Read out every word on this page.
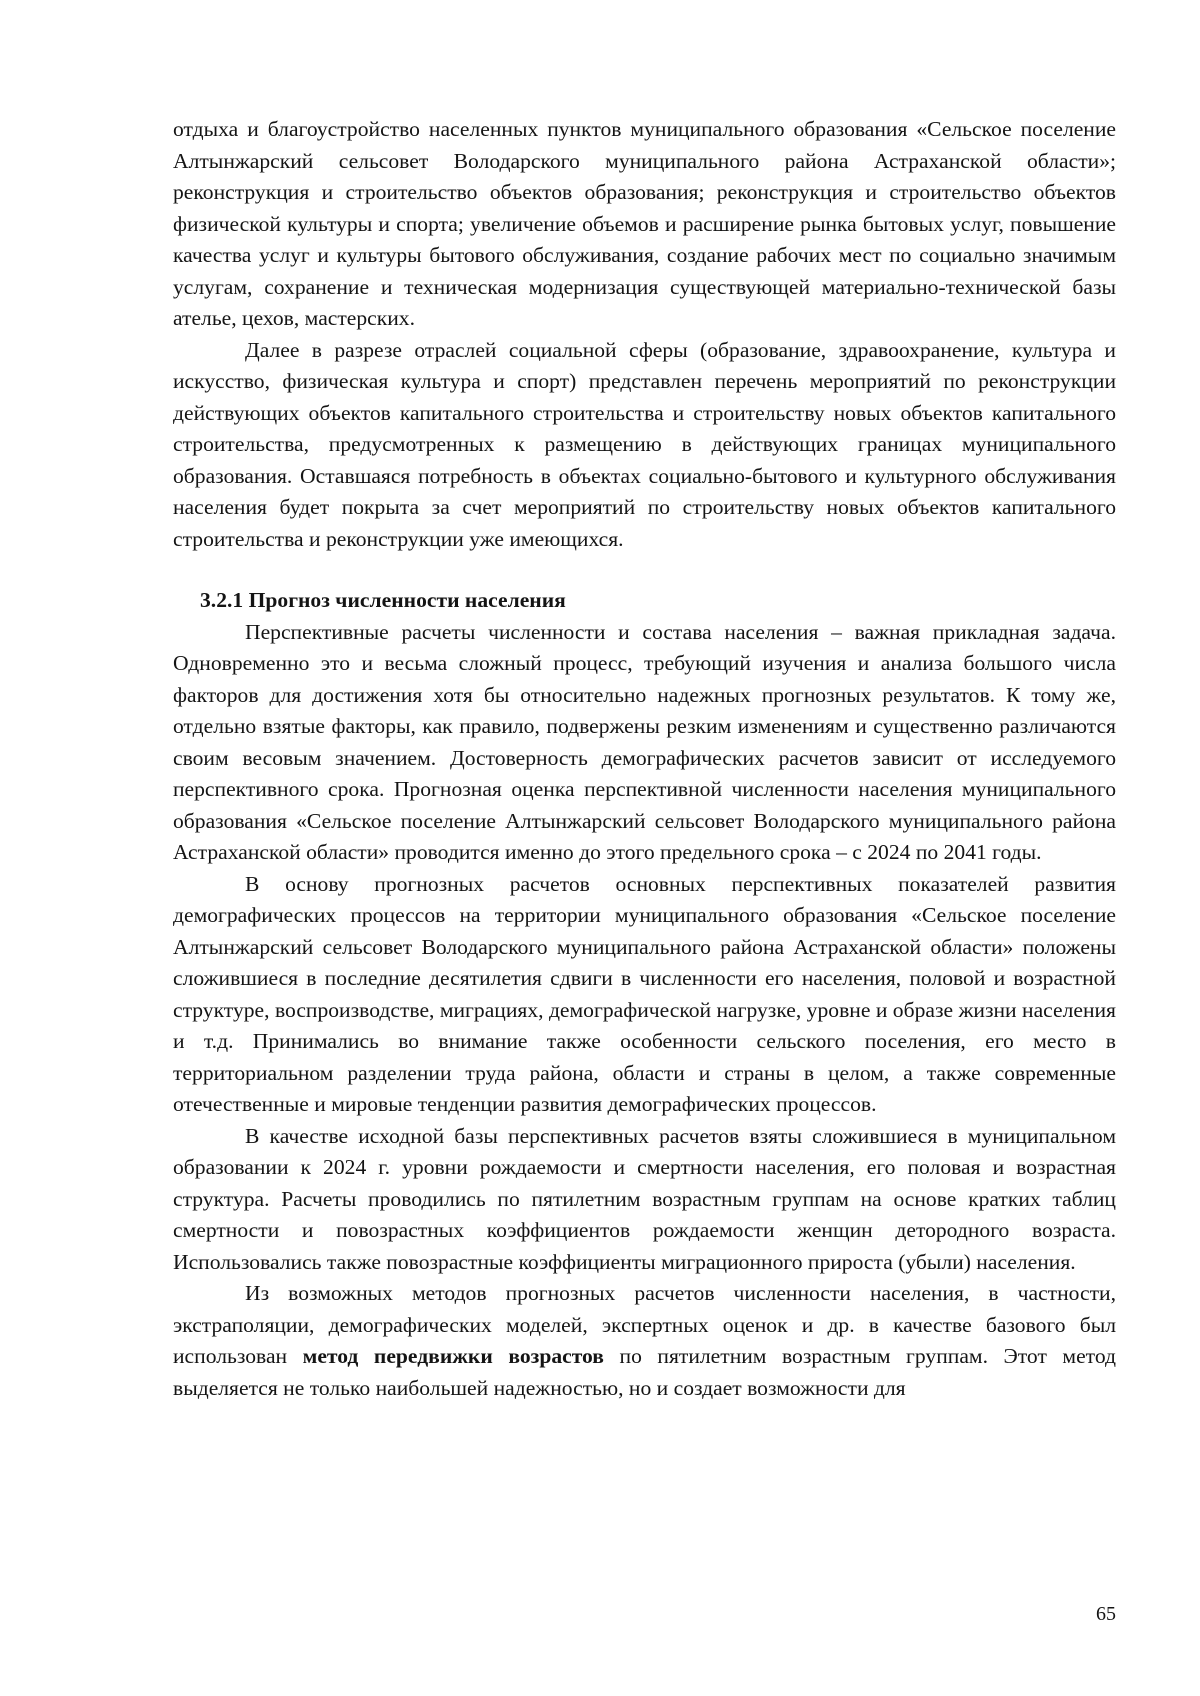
отдыха и благоустройство населенных пунктов муниципального образования «Сельское поселение Алтынжарский сельсовет Володарского муниципального района Астраханской области»; реконструкция и строительство объектов образования; реконструкция и строительство объектов физической культуры и спорта; увеличение объемов и расширение рынка бытовых услуг, повышение качества услуг и культуры бытового обслуживания, создание рабочих мест по социально значимым услугам, сохранение и техническая модернизация существующей материально-технической базы ателье, цехов, мастерских.

Далее в разрезе отраслей социальной сферы (образование, здравоохранение, культура и искусство, физическая культура и спорт) представлен перечень мероприятий по реконструкции действующих объектов капитального строительства и строительству новых объектов капитального строительства, предусмотренных к размещению в действующих границах муниципального образования. Оставшаяся потребность в объектах социально-бытового и культурного обслуживания населения будет покрыта за счет мероприятий по строительству новых объектов капитального строительства и реконструкции уже имеющихся.

3.2.1 Прогноз численности населения

Перспективные расчеты численности и состава населения – важная прикладная задача. Одновременно это и весьма сложный процесс, требующий изучения и анализа большого числа факторов для достижения хотя бы относительно надежных прогнозных результатов. К тому же, отдельно взятые факторы, как правило, подвержены резким изменениям и существенно различаются своим весовым значением. Достоверность демографических расчетов зависит от исследуемого перспективного срока. Прогнозная оценка перспективной численности населения муниципального образования «Сельское поселение Алтынжарский сельсовет Володарского муниципального района Астраханской области» проводится именно до этого предельного срока – с 2024 по 2041 годы.

В основу прогнозных расчетов основных перспективных показателей развития демографических процессов на территории муниципального образования «Сельское поселение Алтынжарский сельсовет Володарского муниципального района Астраханской области» положены сложившиеся в последние десятилетия сдвиги в численности его населения, половой и возрастной структуре, воспроизводстве, миграциях, демографической нагрузке, уровне и образе жизни населения и т.д. Принимались во внимание также особенности сельского поселения, его место в территориальном разделении труда района, области и страны в целом, а также современные отечественные и мировые тенденции развития демографических процессов.

В качестве исходной базы перспективных расчетов взяты сложившиеся в муниципальном образовании к 2024 г. уровни рождаемости и смертности населения, его половая и возрастная структура. Расчеты проводились по пятилетним возрастным группам на основе кратких таблиц смертности и повозрастных коэффициентов рождаемости женщин детородного возраста. Использовались также повозрастные коэффициенты миграционного прироста (убыли) населения.

Из возможных методов прогнозных расчетов численности населения, в частности, экстраполяции, демографических моделей, экспертных оценок и др. в качестве базового был использован метод передвижки возрастов по пятилетним возрастным группам. Этот метод выделяется не только наибольшей надежностью, но и создает возможности для

65
